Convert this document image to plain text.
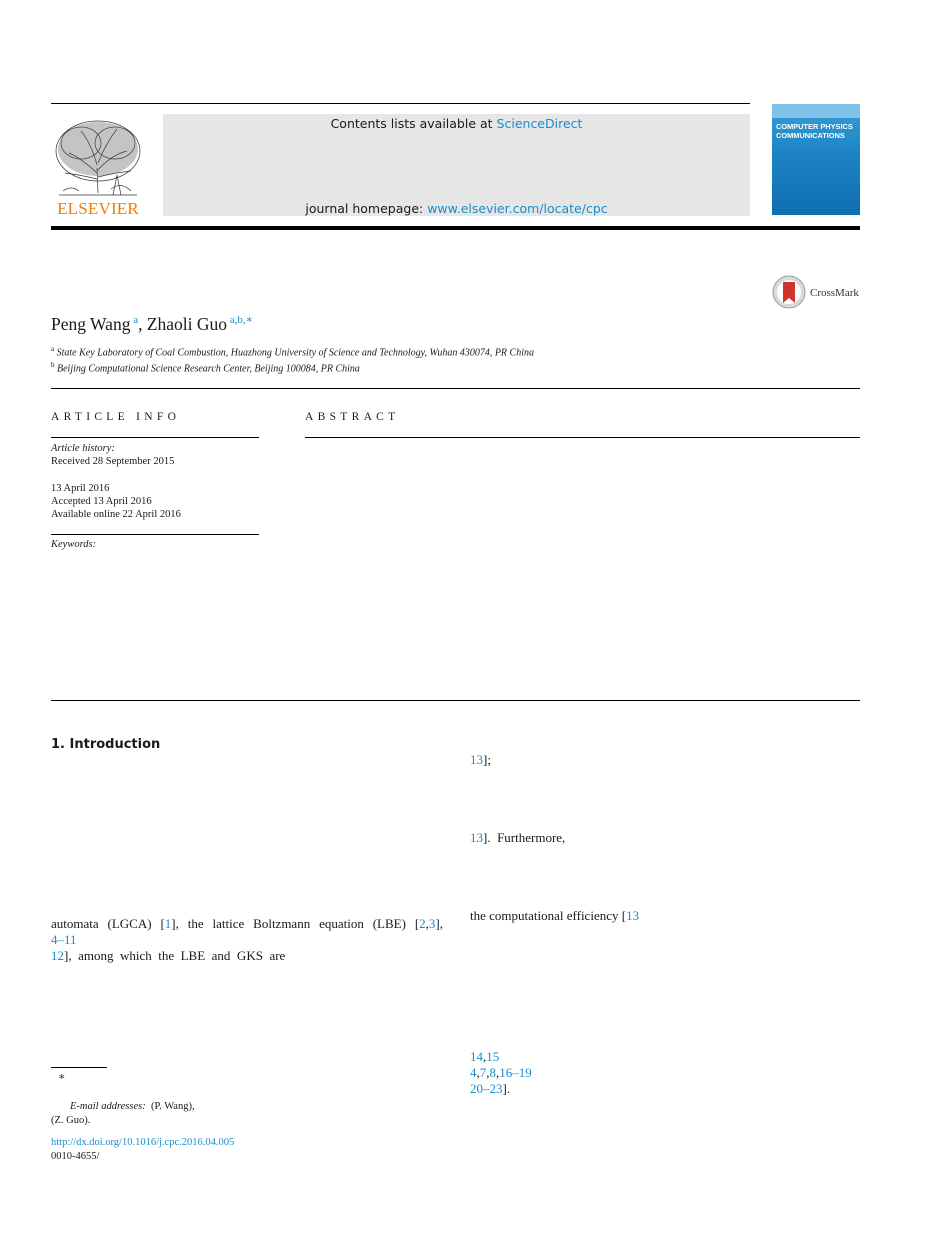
ELSEVIER
Contents lists available at ScienceDirect
journal homepage: www.elsevier.com/locate/cpc
COMPUTER PHYSICS COMMUNICATIONS
CrossMark
Peng Wang $^a$, Zhaoli Guo $^{a,b,∗}$
$^a$ State Key Laboratory of Coal Combustion, Huazhong University of Science and Technology, Wuhan 430074, PR China
$^b$ Beijing Computational Science Research Center, Beijing 100084, PR China
ARTICLE INFO
Article history:
Received 28 September 2015
13 April 2016
Accepted 13 April 2016
Available online 22 April 2016
Keywords:
ABSTRACT
1. Introduction
automata (LGCA) [1], the lattice Boltzmann equation (LBE) [2,3],
4–11
12],  among  which  the  LBE  and  GKS  are
13];
13].  Furthermore,
the computational efficiency [13
14,15
4,7,8,16–19
20–23].
∗
E-mail addresses: (P. Wang),
(Z. Guo).
http://dx.doi.org/10.1016/j.cpc.2016.04.005
0010-4655/
